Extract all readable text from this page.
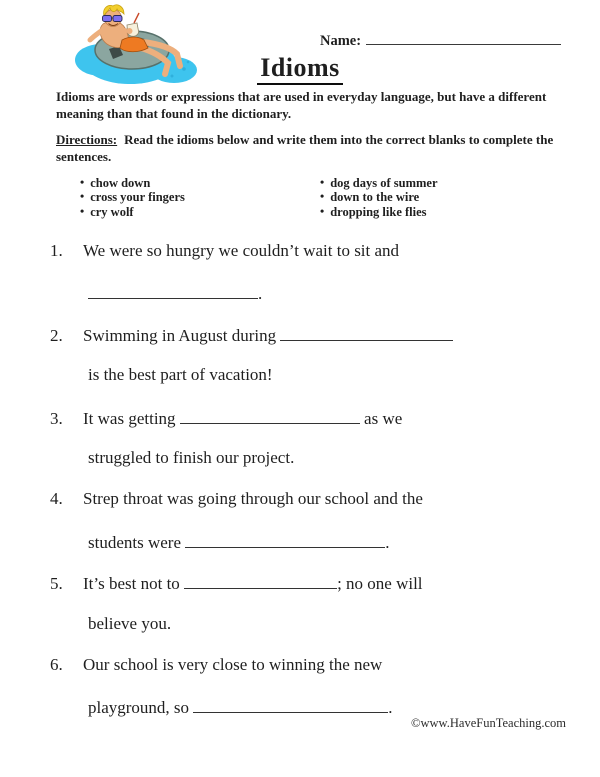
Name:
Idioms

Idioms are words or expressions that are used in everyday language, but have a different meaning than that found in the dictionary.

Directions: Read the idioms below and write them into the correct blanks to complete the sentences.

• chow down
• cross your fingers
• cry wolf
• dog days of summer
• down to the wire
• dropping like flies
1. We were so hungry we couldn’t wait to sit and
.
2. Swimming in August during
is the best part of vacation!
3. It was getting	as we
struggled to finish our project.
4. Strep throat was going through our school and the
students were	.
5. It’s best not to	; no one will
believe you.
6. Our school is very close to winning the new
playground, so	.
©www.HaveFunTeaching.com
